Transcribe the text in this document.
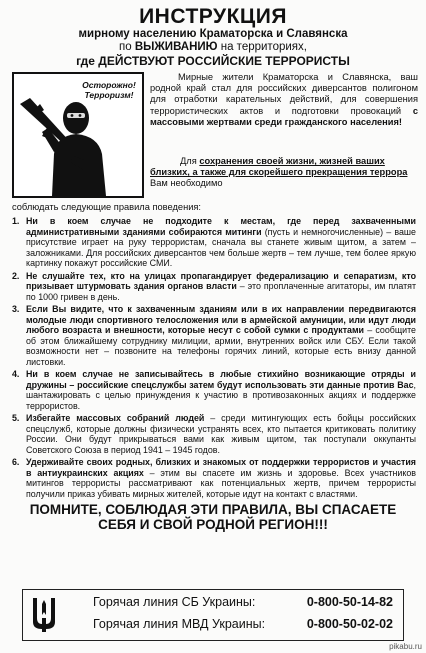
ИНСТРУКЦИЯ
мирному населению Краматорска и Славянска
по ВЫЖИВАНИЮ на территориях,
где ДЕЙСТВУЮТ РОССИЙСКИЕ ТЕРРОРИСТЫ
Осторожно!
Терроризм!
Мирные жители Краматорска и Славянска, ваш родной край стал для российских диверсантов полигоном для отработки карательных действий, для совершения террористических актов и подготовки провокаций с массовыми жертвами среди гражданского населения!
Для сохранения своей жизни, жизней ваших близких, а также для скорейшего прекращения террора Вам необходимо
соблюдать следующие правила поведения:
1. Ни в коем случае не подходите к местам, где перед захваченными административными зданиями собираются митинги (пусть и немногочисленные) – ваше присутствие играет на руку террористам, сначала вы станете живым щитом, а затем – заложниками. Для российских диверсантов чем больше жертв – тем лучше, тем более яркую картинку покажут российские СМИ.
2. Не слушайте тех, кто на улицах пропагандирует федерализацию и сепаратизм, кто призывает штурмовать здания органов власти – это проплаченные агитаторы, им платят по 1000 гривен в день.
3. Если Вы видите, что к захваченным зданиям или в их направлении передвигаются молодые люди спортивного телосложения или в армейской амуниции, или идут люди любого возраста и внешности, которые несут с собой сумки с продуктами – сообщите об этом ближайшему сотруднику милиции, армии, внутренних войск или СБУ. Если такой возможности нет – позвоните на телефоны горячих линий, которые есть внизу данной листовки.
4. Ни в коем случае не записывайтесь в любые стихийно возникающие отряды и дружины – российские спецслужбы затем будут использовать эти данные против Вас, шантажировать с целью принуждения к участию в противозаконных акциях и поддержке террористов.
5. Избегайте массовых собраний людей – среди митингующих есть бойцы российских спецслужб, которые должны физически устранять всех, кто пытается критиковать политику России. Они будут прикрываться вами как живым щитом, так поступали оккупанты Советского Союза в период 1941 – 1945 годов.
6. Удерживайте своих родных, близких и знакомых от поддержки террористов и участия в антиукраинских акциях – этим вы спасете им жизнь и здоровье. Всех участников митингов террористы рассматривают как потенциальных жертв, причем террористы получили приказ убивать мирных жителей, которые идут на контакт с властями.
ПОМНИТЕ, СОБЛЮДАЯ ЭТИ ПРАВИЛА, ВЫ СПАСАЕТЕ
СЕБЯ И СВОЙ РОДНОЙ РЕГИОН!!!
Горячая линия СБ Украины:	0-800-50-14-82
Горячая линия МВД Украины:	0-800-50-02-02
pikabu.ru
